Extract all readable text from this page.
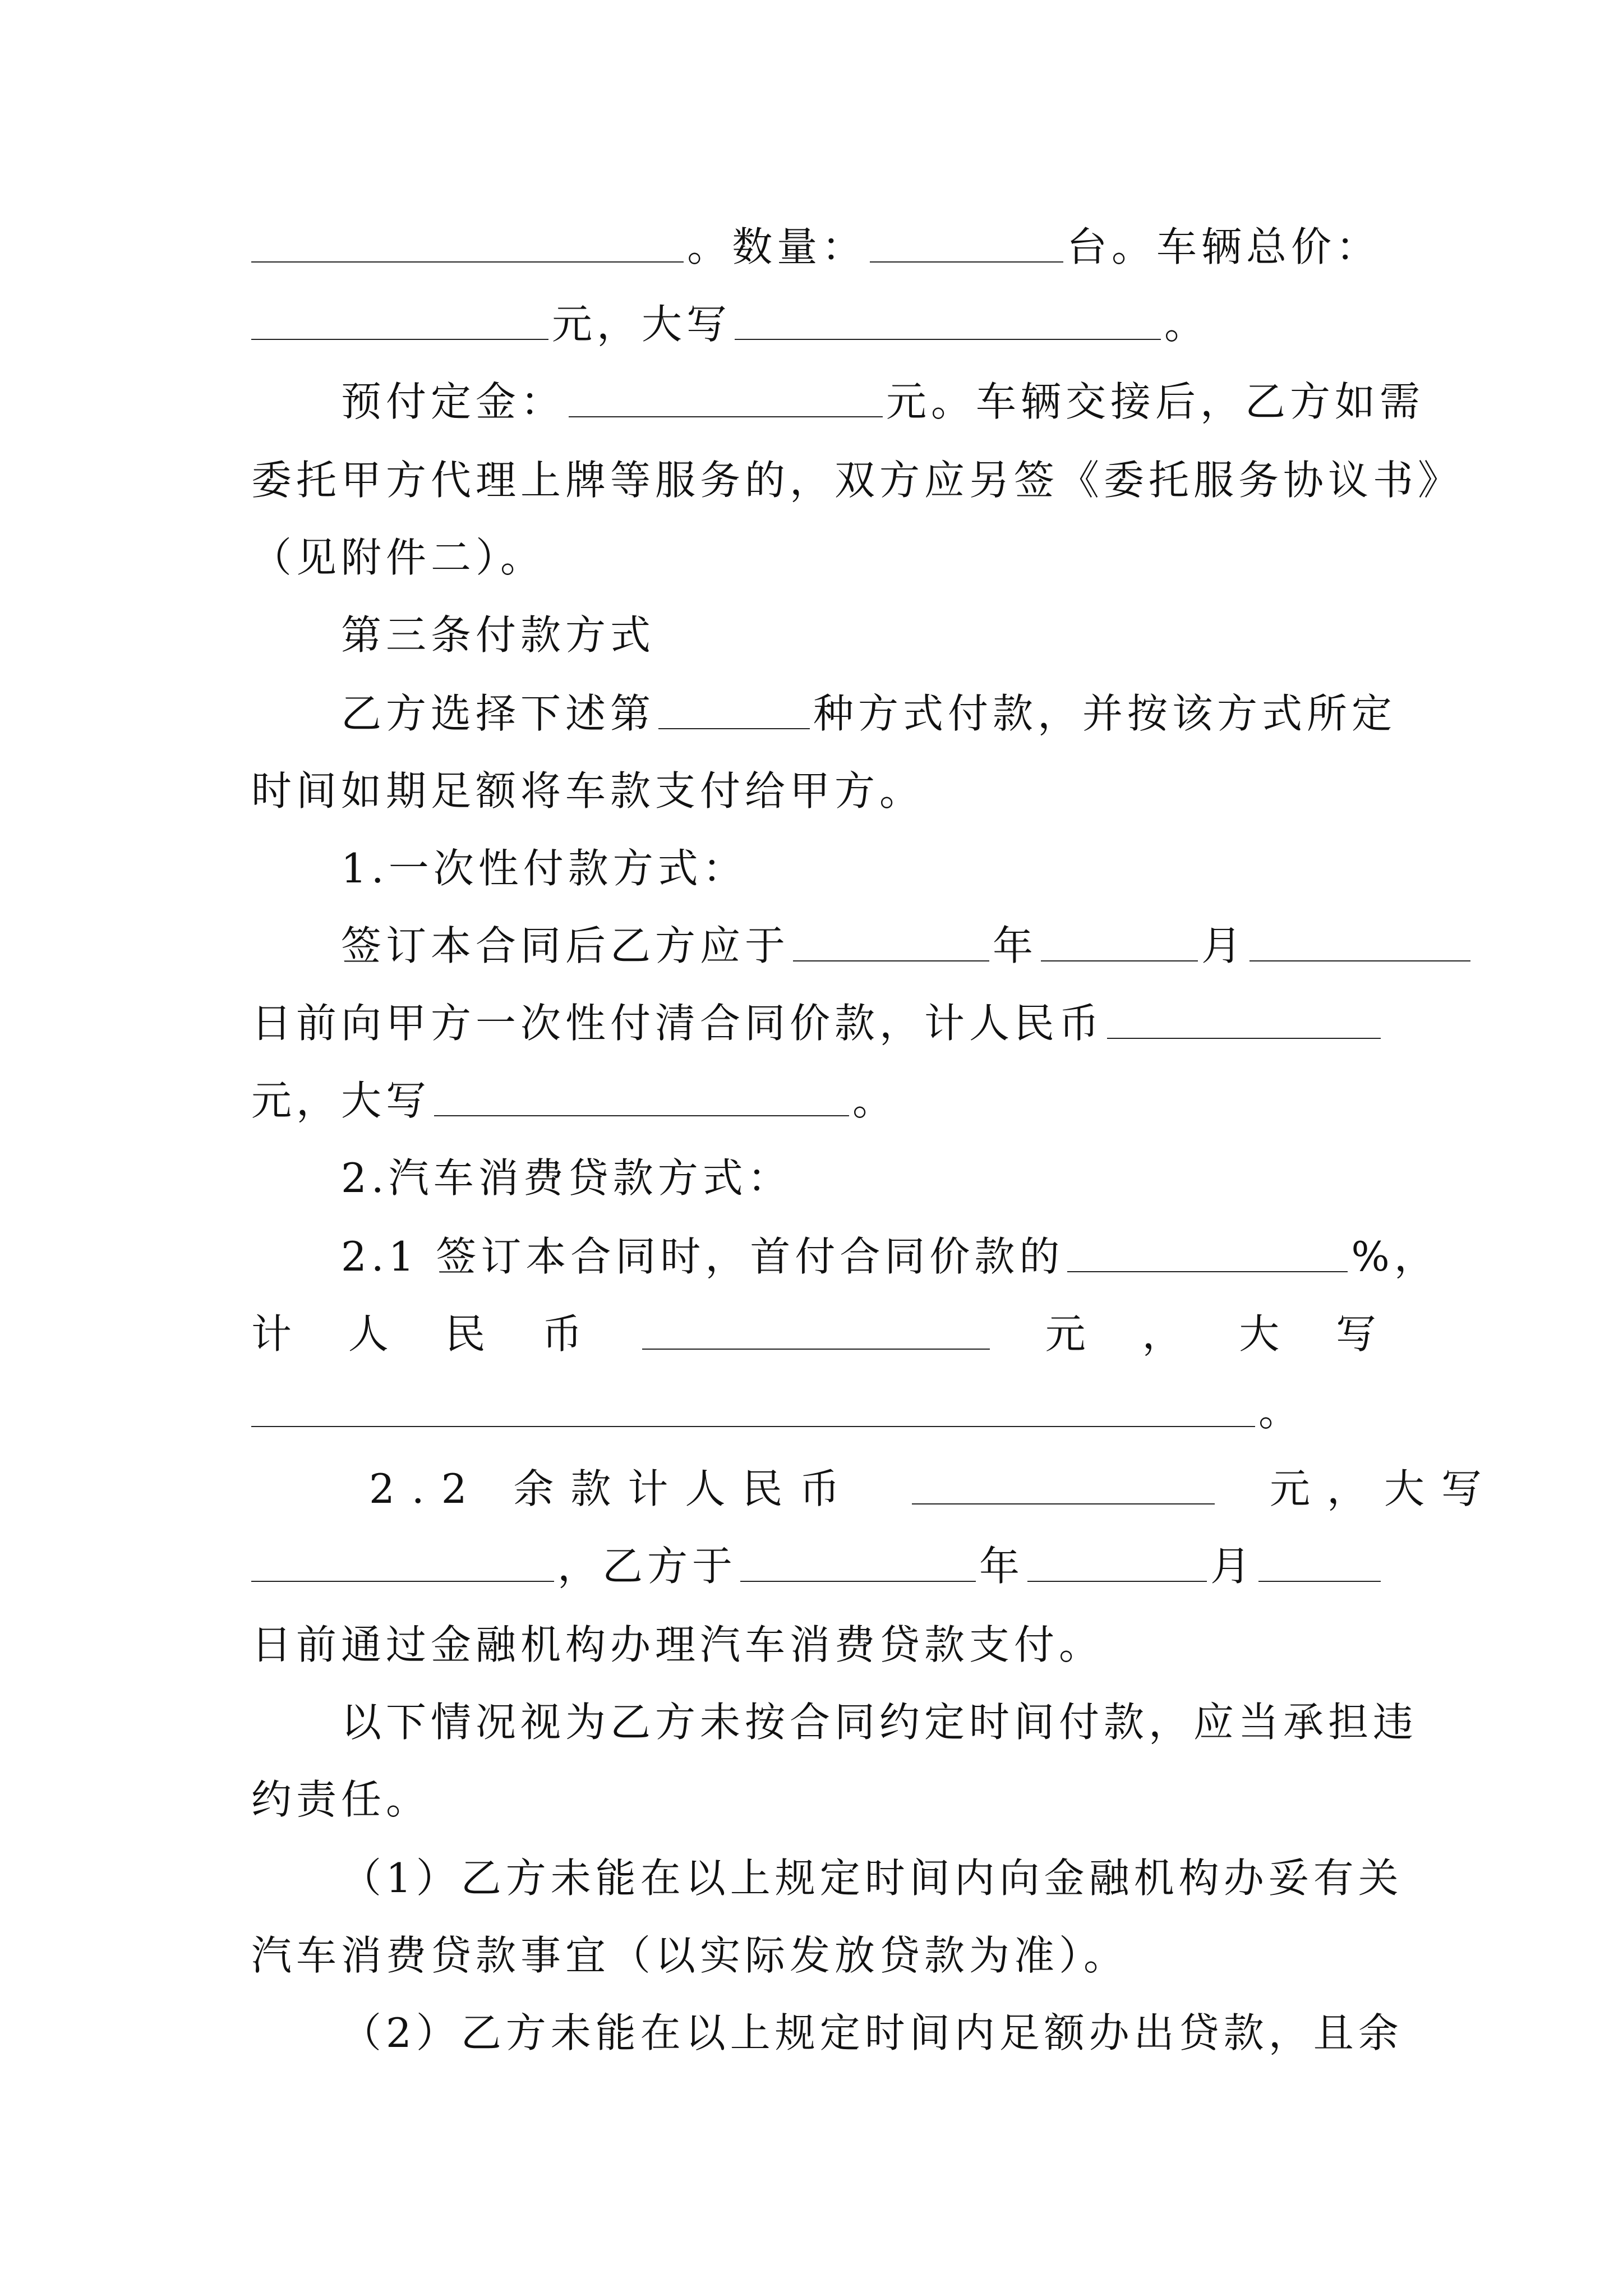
。数量：	台。车辆总价：
元，大写	。
预付定金：	元。车辆交接后，乙方如需
委托甲方代理上牌等服务的，双方应另签《委托服务协议书》
（见附件二）。
第三条付款方式
乙方选择下述第	种方式付款，并按该方式所定
时间如期足额将车款支付给甲方。
1.一次性付款方式：
签订本合同后乙方应于	年	月
日前向甲方一次性付清合同价款，计人民币
元，大写	。
2.汽车消费贷款方式：
2.1 签订本合同时，首付合同价款的	%，
计 人 民 币	元 ， 大 写
。
2.2 余款计人民币	元，大写
，乙方于	年	月
日前通过金融机构办理汽车消费贷款支付。
以下情况视为乙方未按合同约定时间付款，应当承担违
约责任。
（1）乙方未能在以上规定时间内向金融机构办妥有关
汽车消费贷款事宜（以实际发放贷款为准）。
（2）乙方未能在以上规定时间内足额办出贷款，且余
